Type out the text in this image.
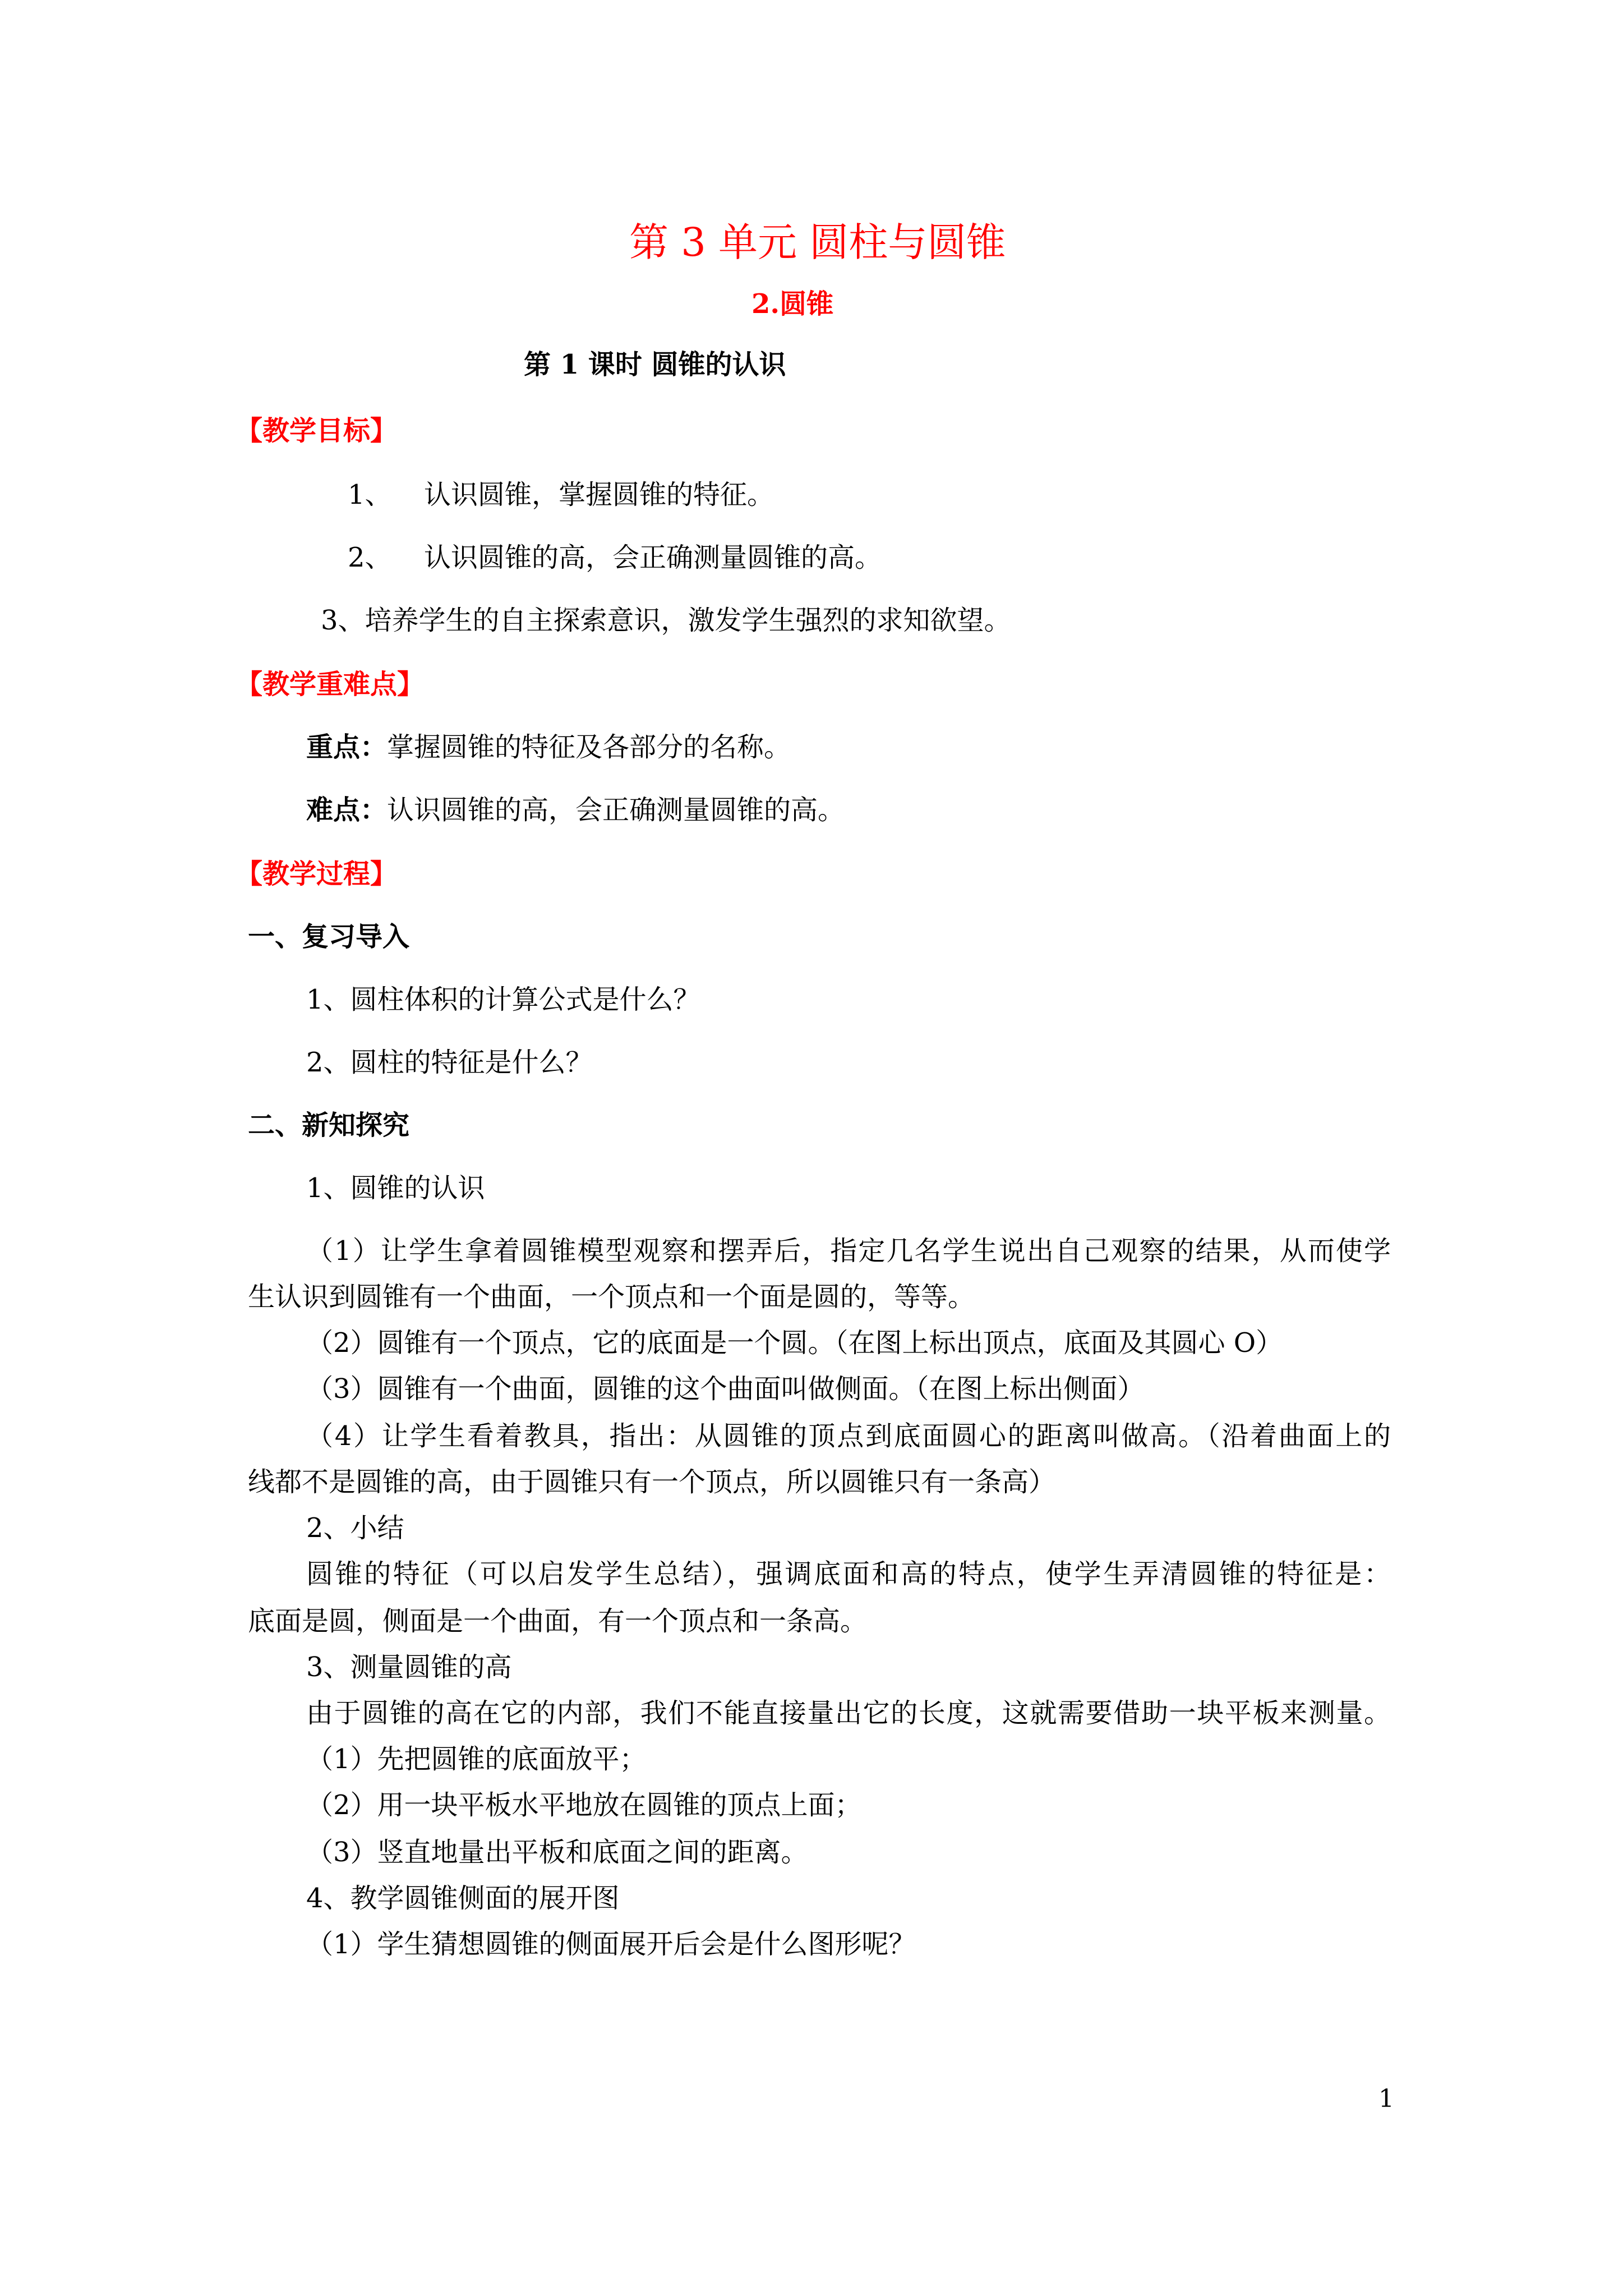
第 3 单元 圆柱与圆锥
2.圆锥
第 1 课时 圆锥的认识
【教学目标】
1、 认识圆锥，掌握圆锥的特征。
2、 认识圆锥的高，会正确测量圆锥的高。
3、培养学生的自主探索意识，激发学生强烈的求知欲望。
【教学重难点】
重点：掌握圆锥的特征及各部分的名称。
难点：认识圆锥的高，会正确测量圆锥的高。
【教学过程】
一、复习导入
1、圆柱体积的计算公式是什么？
2、圆柱的特征是什么？
二、新知探究
1、圆锥的认识
（1）让学生拿着圆锥模型观察和摆弄后，指定几名学生说出自己观察的结果，从而使学
生认识到圆锥有一个曲面，一个顶点和一个面是圆的，等等。
（2）圆锥有一个顶点，它的底面是一个圆。（在图上标出顶点，底面及其圆心 O）
（3）圆锥有一个曲面，圆锥的这个曲面叫做侧面。（在图上标出侧面）
（4）让学生看着教具，指出：从圆锥的顶点到底面圆心的距离叫做高。（沿着曲面上的
线都不是圆锥的高，由于圆锥只有一个顶点，所以圆锥只有一条高）
2、小结
圆锥的特征（可以启发学生总结），强调底面和高的特点，使学生弄清圆锥的特征是：
底面是圆，侧面是一个曲面，有一个顶点和一条高。
3、测量圆锥的高
由于圆锥的高在它的内部，我们不能直接量出它的长度，这就需要借助一块平板来测量。
（1）先把圆锥的底面放平；
（2）用一块平板水平地放在圆锥的顶点上面；
（3）竖直地量出平板和底面之间的距离。
4、教学圆锥侧面的展开图
（1）学生猜想圆锥的侧面展开后会是什么图形呢？
1
